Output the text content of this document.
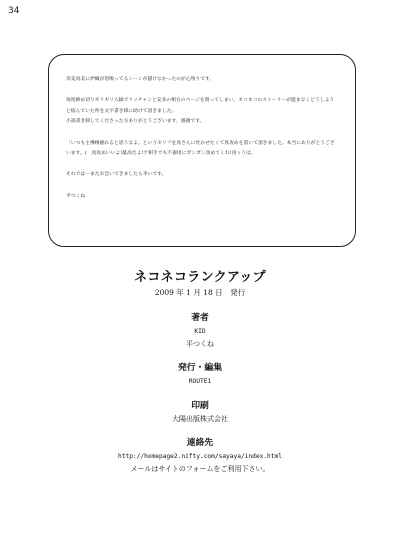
34

奈美真美に伊織が怒鳴ってるシーンが描けなかったのが心残りです。

毎度締め切りギリギリ入稿でリッチャンと安多の相方のページを削ってしまい、ネコネコのストーリーが進まなくどうしようと悩んでいた所を文字書き様に助けて頂きました。

小説書き卸してくださった方ありがとうございます。感謝です。

「いつも主導権握れると思うなよ。というセリフを真さんに吐かせたくて真攻めを書いて頂きました。本当にありがとうございます。(　真攻めいいよ!最高だよ!ア相手でも不器用にガンガン攻めてくれ!真ぅうは。

それではーまたお会いできましたら幸いです。

平つくね

ネコネコランクアップ
2009 年 1 月 18 日　発行
著者
KID
平つくね
発行・編集
ROUTE1
印刷
大陽出版株式会社
連絡先
http://homepage2.nifty.com/sayaya/index.html
メールはサイトのフォームをご利用下さい。
